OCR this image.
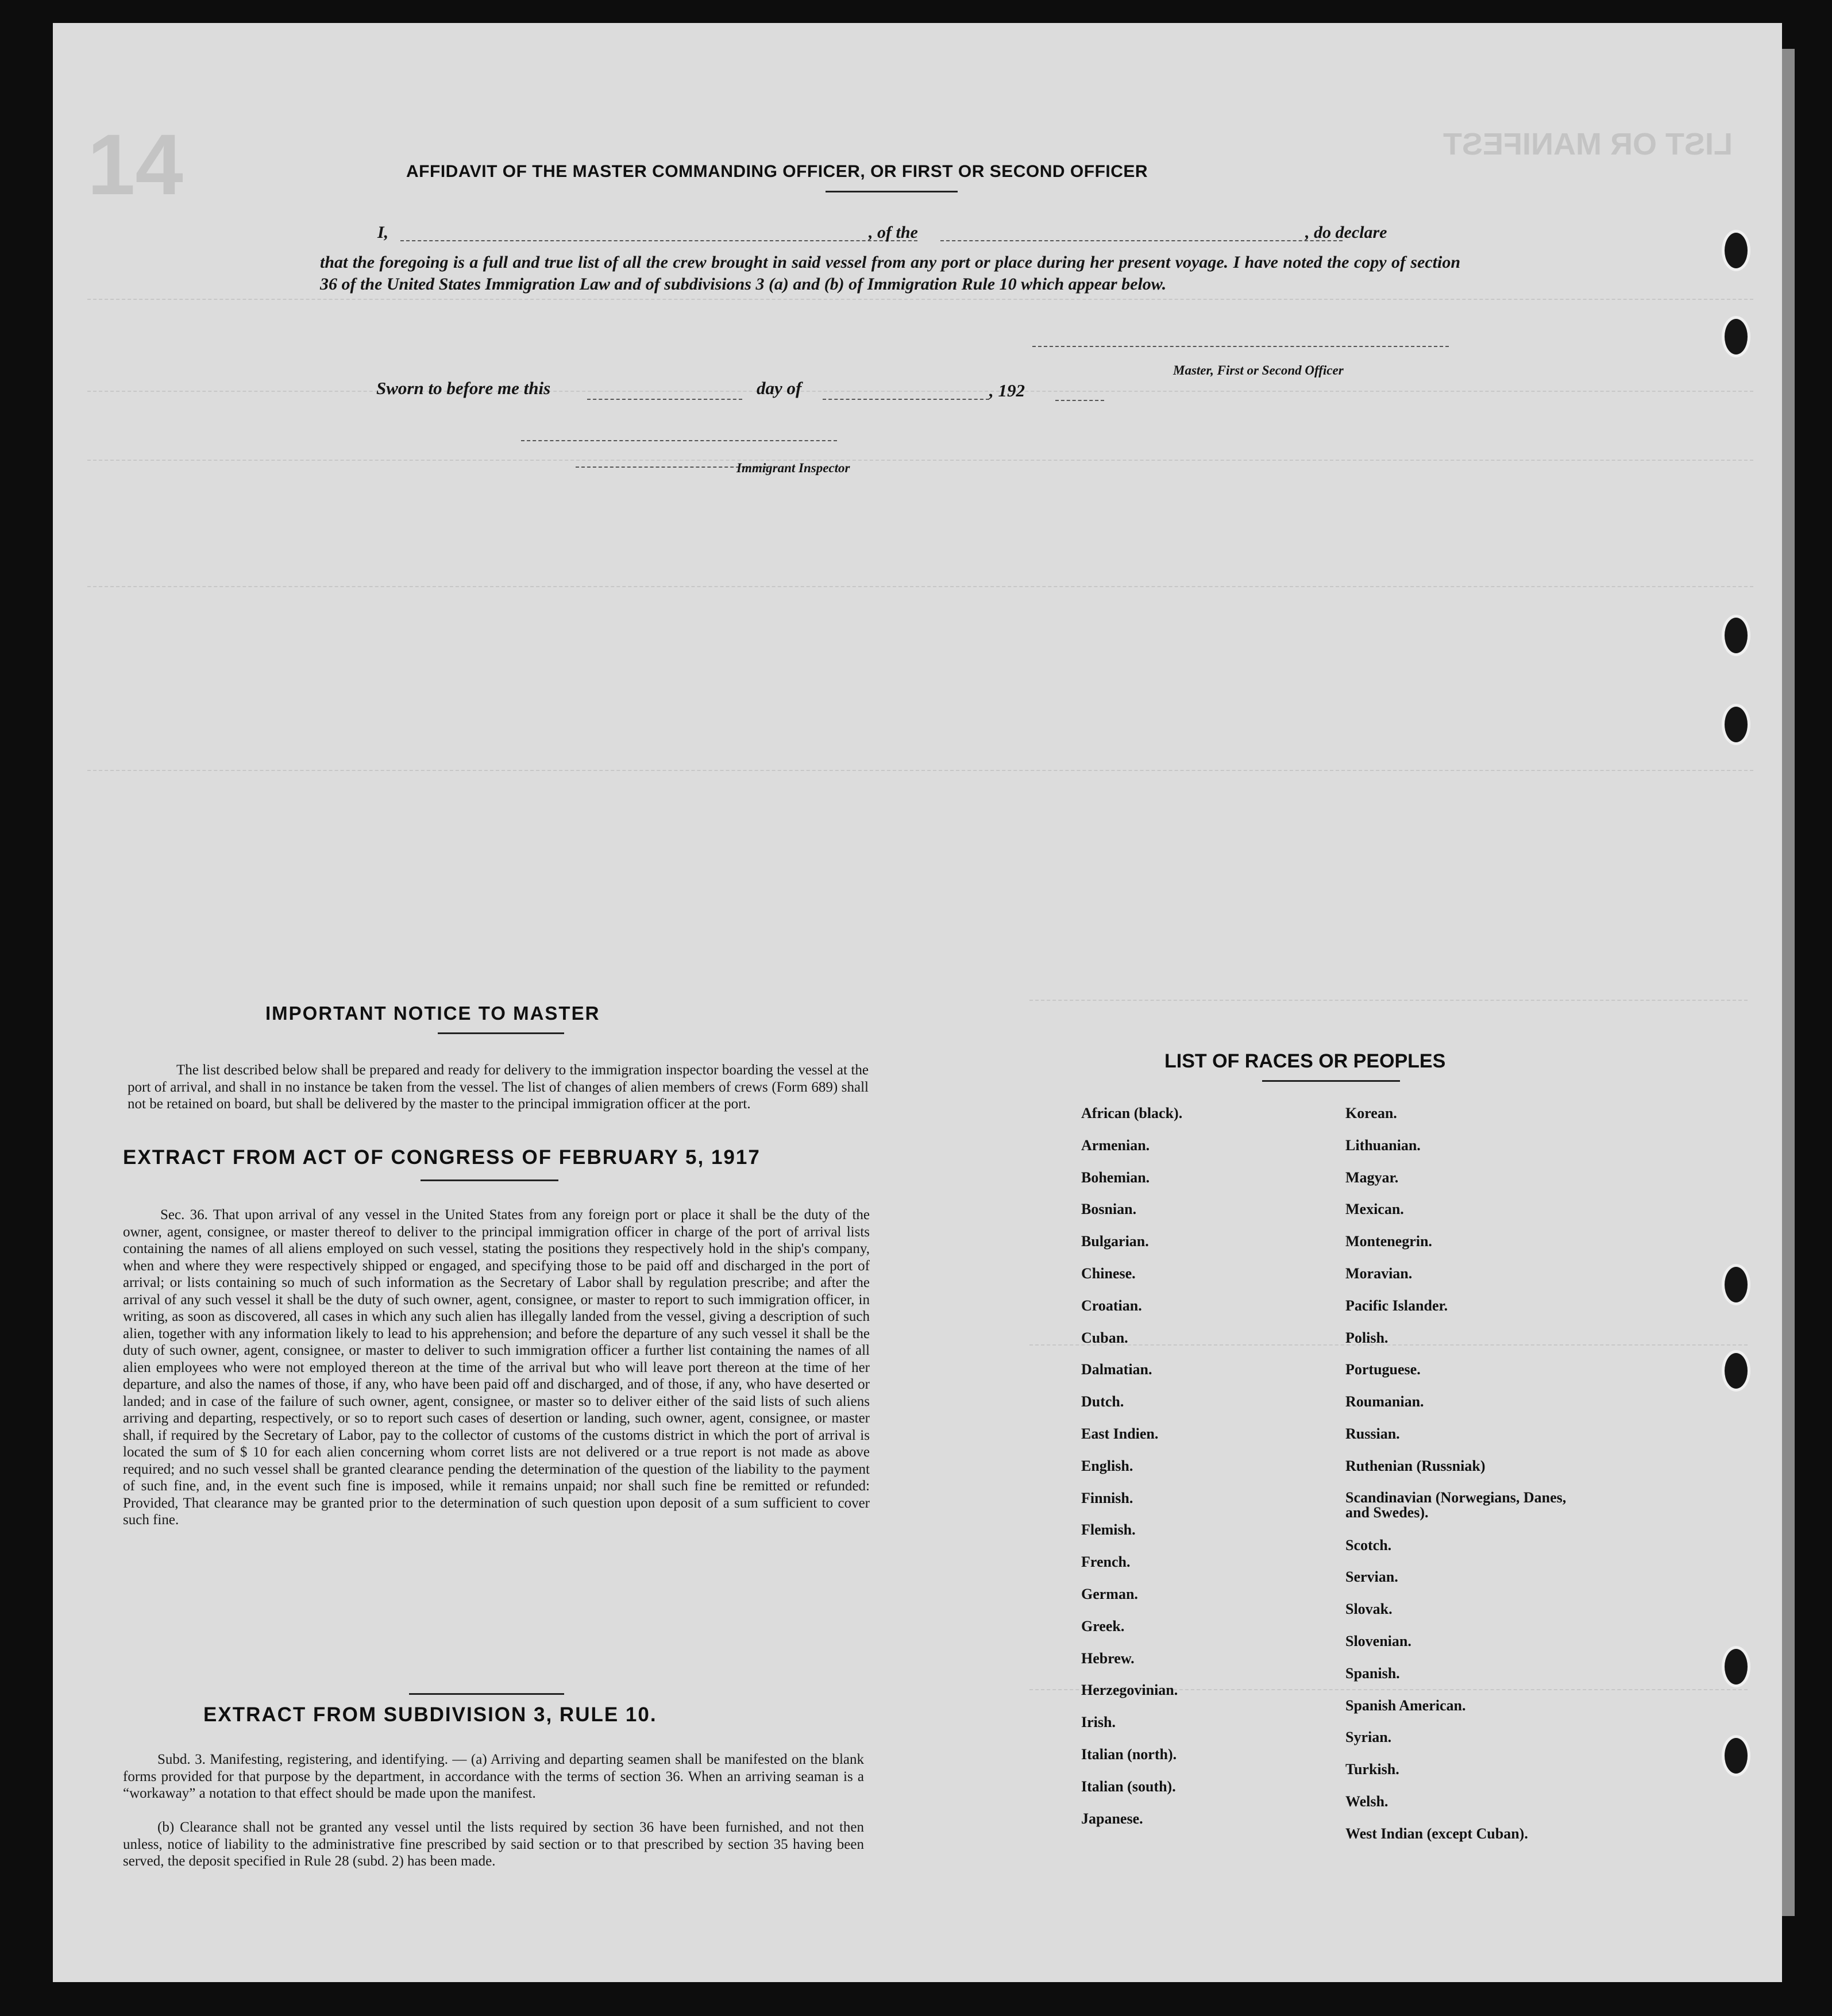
LIST OR MANIFEST
14	AFFIDAVIT OF THE MASTER COMMANDING OFFICER, OR FIRST OR SECOND OFFICER
I,	, of the	, do declare
that the foregoing is a full and true list of all the crew brought in said vessel from any port or place during her present voyage. I have noted the copy of section 36 of the United States Immigration Law and of subdivisions 3 (a) and (b) of Immigration Rule 10 which appear below.
Master, First or Second Officer
Sworn to before me this	day of	, 192
Immigrant Inspector
IMPORTANT NOTICE TO MASTER
The list described below shall be prepared and ready for delivery to the immigration inspector boarding the vessel at the port of arrival, and shall in no instance be taken from the vessel. The list of changes of alien members of crews (Form 689) shall not be retained on board, but shall be delivered by the master to the principal immigration officer at the port.
EXTRACT FROM ACT OF CONGRESS OF FEBRUARY 5, 1917
Sec. 36. That upon arrival of any vessel in the United States from any foreign port or place it shall be the duty of the owner, agent, consignee, or master thereof to deliver to the principal immigration officer in charge of the port of arrival lists containing the names of all aliens employed on such vessel, stating the positions they respectively hold in the ship's company, when and where they were respectively shipped or engaged, and specifying those to be paid off and discharged in the port of arrival; or lists containing so much of such information as the Secretary of Labor shall by regulation prescribe; and after the arrival of any such vessel it shall be the duty of such owner, agent, consignee, or master to report to such immigration officer, in writing, as soon as discovered, all cases in which any such alien has illegally landed from the vessel, giving a description of such alien, together with any information likely to lead to his apprehension; and before the departure of any such vessel it shall be the duty of such owner, agent, consignee, or master to deliver to such immigration officer a further list containing the names of all alien employees who were not employed thereon at the time of the arrival but who will leave port thereon at the time of her departure, and also the names of those, if any, who have been paid off and discharged, and of those, if any, who have deserted or landed; and in case of the failure of such owner, agent, consignee, or master so to deliver either of the said lists of such aliens arriving and departing, respectively, or so to report such cases of desertion or landing, such owner, agent, consignee, or master shall, if required by the Secretary of Labor, pay to the collector of customs of the customs district in which the port of arrival is located the sum of $ 10 for each alien concerning whom corret lists are not delivered or a true report is not made as above required; and no such vessel shall be granted clearance pending the determination of the question of the liability to the payment of such fine, and, in the event such fine is imposed, while it remains unpaid; nor shall such fine be remitted or refunded: Provided, That clearance may be granted prior to the determination of such question upon deposit of a sum sufficient to cover such fine.
EXTRACT FROM SUBDIVISION 3, RULE 10.
Subd. 3. Manifesting, registering, and identifying. — (a) Arriving and departing seamen shall be manifested on the blank forms provided for that purpose by the department, in accordance with the terms of section 36. When an arriving seaman is a “workaway” a notation to that effect should be made upon the manifest.
(b) Clearance shall not be granted any vessel until the lists required by section 36 have been furnished, and not then unless, notice of liability to the administrative fine prescribed by said section or to that prescribed by section 35 having been served, the deposit specified in Rule 28 (subd. 2) has been made.
LIST OF RACES OR PEOPLES
African (black).
Armenian.
Bohemian.
Bosnian.
Bulgarian.
Chinese.
Croatian.
Cuban.
Dalmatian.
Dutch.
East Indien.
English.
Finnish.
Flemish.
French.
German.
Greek.
Hebrew.
Herzegovinian.
Irish.
Italian (north).
Italian (south).
Japanese.
Korean.
Lithuanian.
Magyar.
Mexican.
Montenegrin.
Moravian.
Pacific Islander.
Polish.
Portuguese.
Roumanian.
Russian.
Ruthenian (Russniak)
Scandinavian (Norwegians, Danes, and Swedes).
Scotch.
Servian.
Slovak.
Slovenian.
Spanish.
Spanish American.
Syrian.
Turkish.
Welsh.
West Indian (except Cuban).
